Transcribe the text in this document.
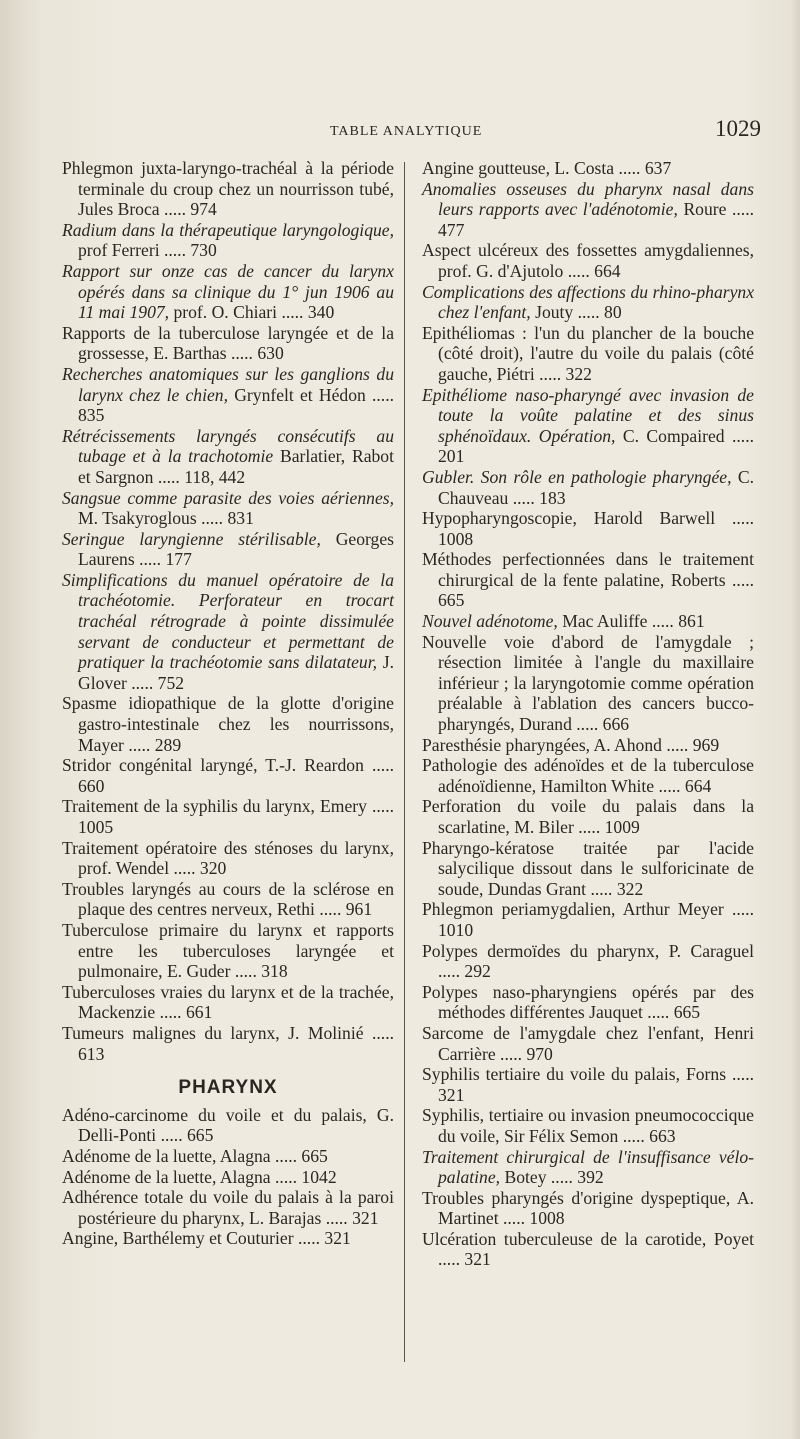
TABLE ANALYTIQUE	1029

Phlegmon juxta-laryngo-trachéal à la période terminale du croup chez un nourrisson tubé, Jules Broca ..... 974

Radium dans la thérapeutique laryngologique, prof Ferreri ..... 730

Rapport sur onze cas de cancer du larynx opérés dans sa clinique du 1° jun 1906 au 11 mai 1907, prof. O. Chiari ..... 340

Rapports de la tuberculose laryngée et de la grossesse, E. Barthas ..... 630

Recherches anatomiques sur les ganglions du larynx chez le chien, Grynfelt et Hédon ..... 835

Rétrécissements laryngés consécutifs au tubage et à la trachotomie Barlatier, Rabot et Sargnon ..... 118, 442

Sangsue comme parasite des voies aériennes, M. Tsakyroglous ..... 831

Seringue laryngienne stérilisable, Georges Laurens ..... 177

Simplifications du manuel opératoire de la trachéotomie. Perforateur en trocart trachéal rétrograde à pointe dissimulée servant de conducteur et permettant de pratiquer la trachéotomie sans dilatateur, J. Glover ..... 752

Spasme idiopathique de la glotte d'origine gastro-intestinale chez les nourrissons, Mayer ..... 289

Stridor congénital laryngé, T.-J. Reardon ..... 660

Traitement de la syphilis du larynx, Emery ..... 1005

Traitement opératoire des sténoses du larynx, prof. Wendel ..... 320

Troubles laryngés au cours de la sclérose en plaque des centres nerveux, Rethi ..... 961

Tuberculose primaire du larynx et rapports entre les tuberculoses laryngée et pulmonaire, E. Guder ..... 318

Tuberculoses vraies du larynx et de la trachée, Mackenzie ..... 661

Tumeurs malignes du larynx, J. Molinié ..... 613

PHARYNX

Adéno-carcinome du voile et du palais, G. Delli-Ponti ..... 665

Adénome de la luette, Alagna ..... 665

Adénome de la luette, Alagna ..... 1042

Adhérence totale du voile du palais à la paroi postérieure du pharynx, L. Barajas ..... 321

Angine, Barthélemy et Couturier ..... 321

Angine goutteuse, L. Costa ..... 637

Anomalies osseuses du pharynx nasal dans leurs rapports avec l'adénotomie, Roure ..... 477

Aspect ulcéreux des fossettes amygdaliennes, prof. G. d'Ajutolo ..... 664

Complications des affections du rhino-pharynx chez l'enfant, Jouty ..... 80

Epithéliomas : l'un du plancher de la bouche (côté droit), l'autre du voile du palais (côté gauche, Piétri ..... 322

Epithéliome naso-pharyngé avec invasion de toute la voûte palatine et des sinus sphénoïdaux. Opération, C. Compaired ..... 201

Gubler. Son rôle en pathologie pharyngée, C. Chauveau ..... 183

Hypopharyngoscopie, Harold Barwell ..... 1008

Méthodes perfectionnées dans le traitement chirurgical de la fente palatine, Roberts ..... 665

Nouvel adénotome, Mac Auliffe ..... 861

Nouvelle voie d'abord de l'amygdale ; résection limitée à l'angle du maxillaire inférieur ; la laryngotomie comme opération préalable à l'ablation des cancers bucco-pharyngés, Durand ..... 666

Paresthésie pharyngées, A. Ahond ..... 969

Pathologie des adénoïdes et de la tuberculose adénoïdienne, Hamilton White ..... 664

Perforation du voile du palais dans la scarlatine, M. Biler ..... 1009

Pharyngo-kératose traitée par l'acide salycilique dissout dans le sulforicinate de soude, Dundas Grant ..... 322

Phlegmon periamygdalien, Arthur Meyer ..... 1010

Polypes dermoïdes du pharynx, P. Caraguel ..... 292

Polypes naso-pharyngiens opérés par des méthodes différentes Jauquet ..... 665

Sarcome de l'amygdale chez l'enfant, Henri Carrière ..... 970

Syphilis tertiaire du voile du palais, Forns ..... 321

Syphilis, tertiaire ou invasion pneumococcique du voile, Sir Félix Semon ..... 663

Traitement chirurgical de l'insuffisance vélo-palatine, Botey ..... 392

Troubles pharyngés d'origine dyspeptique, A. Martinet ..... 1008

Ulcération tuberculeuse de la carotide, Poyet ..... 321
